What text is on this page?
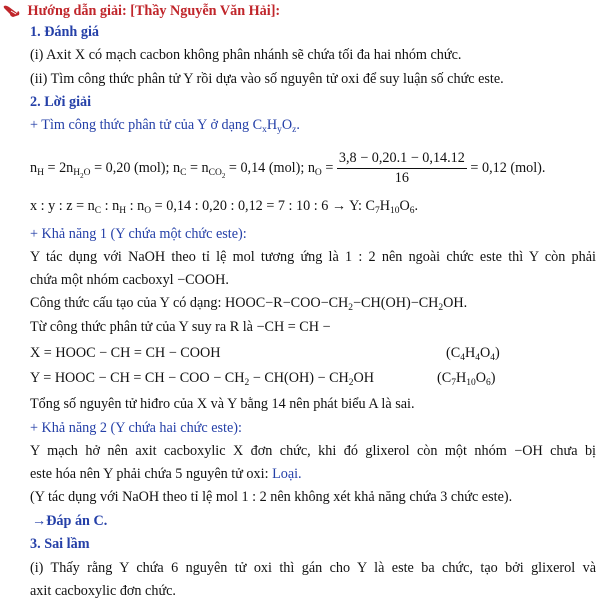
Hướng dẫn giải: [Thầy Nguyễn Văn Hải]:
1. Đánh giá
(i) Axit X có mạch cacbon không phân nhánh sẽ chứa tối đa hai nhóm chức.
(ii) Tìm công thức phân tử Y rồi dựa vào số nguyên tử oxi để suy luận số chức este.
2. Lời giải
+ Tìm công thức phân tử của Y ở dạng $C_xH_yO_z$.
$n_H = 2n_{H_2O} = 0,20$ (mol); $n_C = n_{CO_2} = 0,14$ (mol); $n_O = \frac{3,8 - 0,20.1 - 0,14.12}{16} = 0,12$ (mol).
x : y : $z = n_C$ : $n_H$ : $n_O = 0,14$ : 0,20 : 0,12 = 7 : 10 : 6 → Y: $C_7H_{10}O_6$.
+ Khả năng 1 (Y chứa một chức este):
Y tác dụng với NaOH theo tỉ lệ mol tương ứng là 1 : 2 nên ngoài chức este thì Y còn phải
chứa một nhóm cacboxyl −COOH.
Công thức cấu tạo của Y có dạng: $HOOC-R-COO-CH_2-CH(OH)-CH_2OH$.
Từ công thức phân tử của Y suy ra R là −CH = CH −
X = HOOC − CH = CH − COOH	$(C_4H_4O_4)$
Y = HOOC − CH = CH − COO − $CH_2 - CH(OH) - CH_2OH$	$(C_7H_{10}O_6)$
Tổng số nguyên tử hiđro của X và Y bằng 14 nên phát biểu A là sai.
+ Khả năng 2 (Y chứa hai chức este):
Y mạch hở nên axit cacboxylic X đơn chức, khi đó glixerol còn một nhóm −OH chưa bị
este hóa nên Y phải chứa 5 nguyên tử oxi: Loại.
(Y tác dụng với NaOH theo tỉ lệ mol 1 : 2 nên không xét khả năng chứa 3 chức este).
→Đáp án C.
3. Sai lầm
(i) Thấy rằng Y chứa 6 nguyên tử oxi thì gán cho Y là este ba chức, tạo bởi glixerol và
axit cacboxylic đơn chức.
